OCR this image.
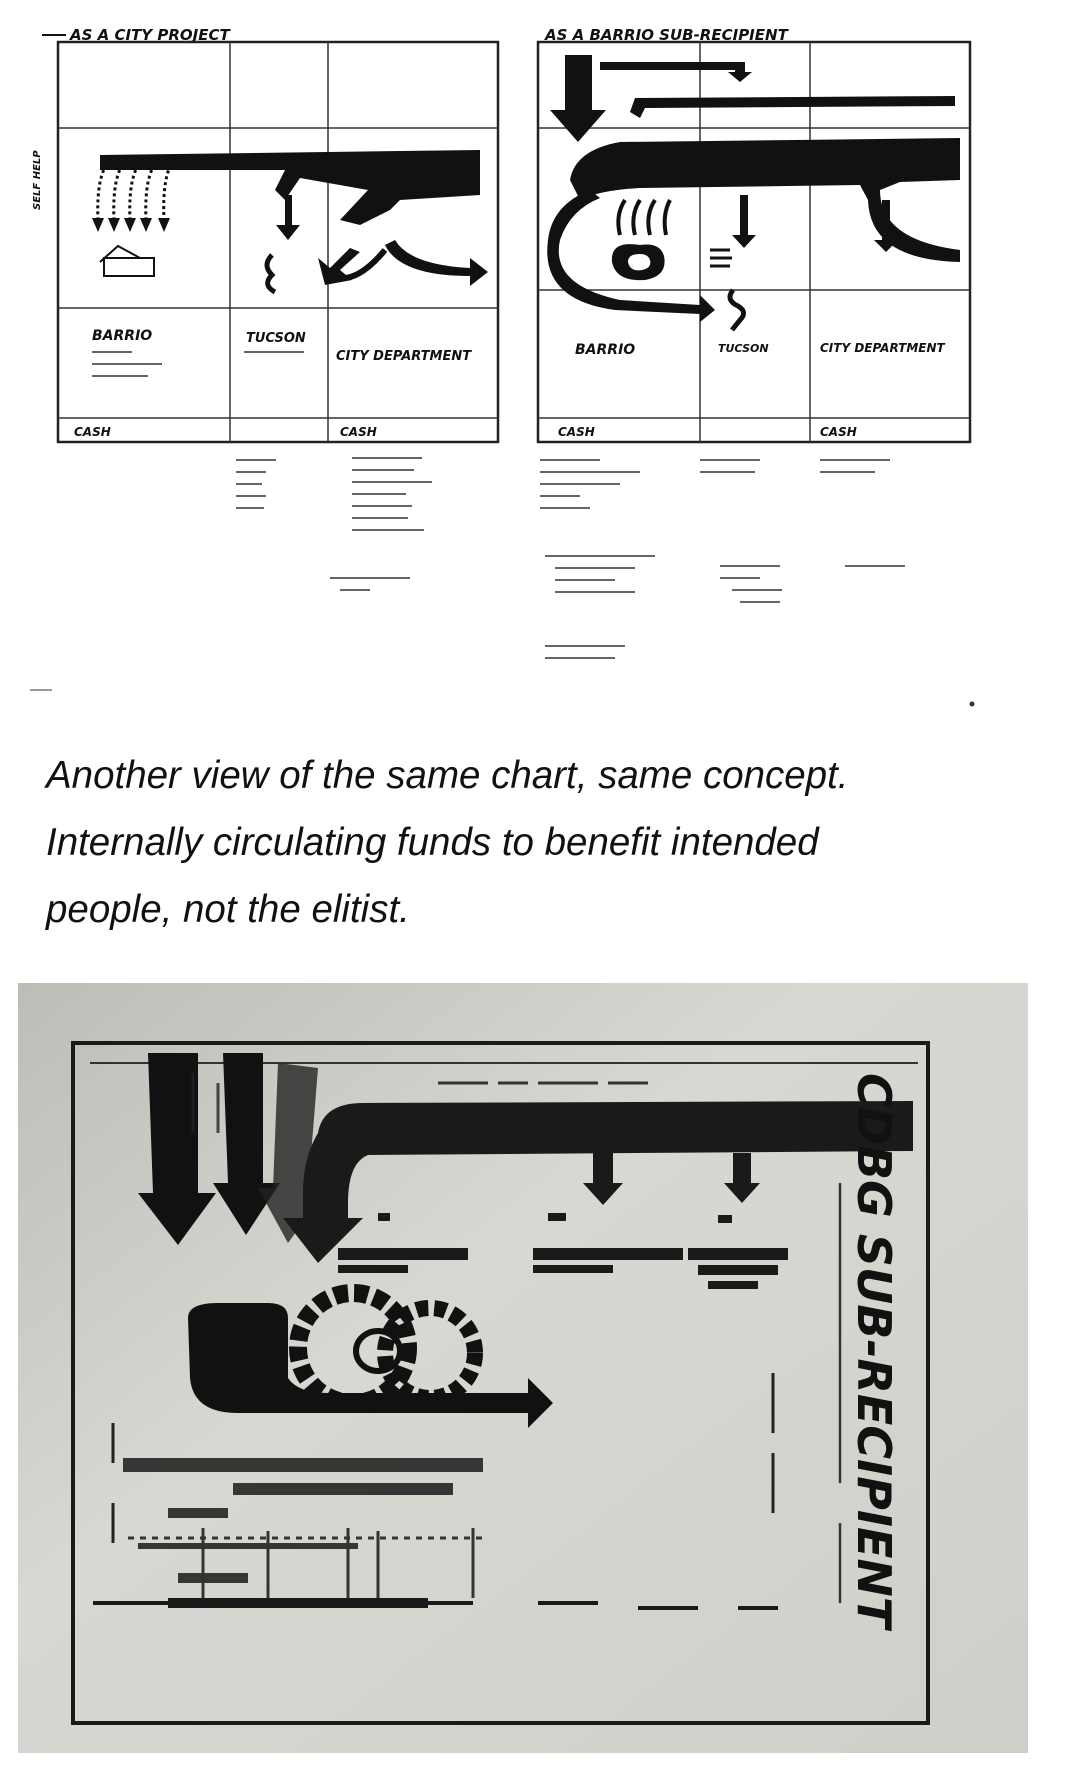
AS A CITY PROJECT
SELF HELP
BARRIO	TUCSON
CITY DEPARTMENT
CASH	CASH
AS A BARRIO SUB-RECIPIENT
BARRIO	TUCSON	CITY DEPARTMENT
CASH	CASH

Another view of the same chart, same concept.

Internally circulating funds to benefit intended

people, not the elitist.

CDBG SUB-RECIPIENT
